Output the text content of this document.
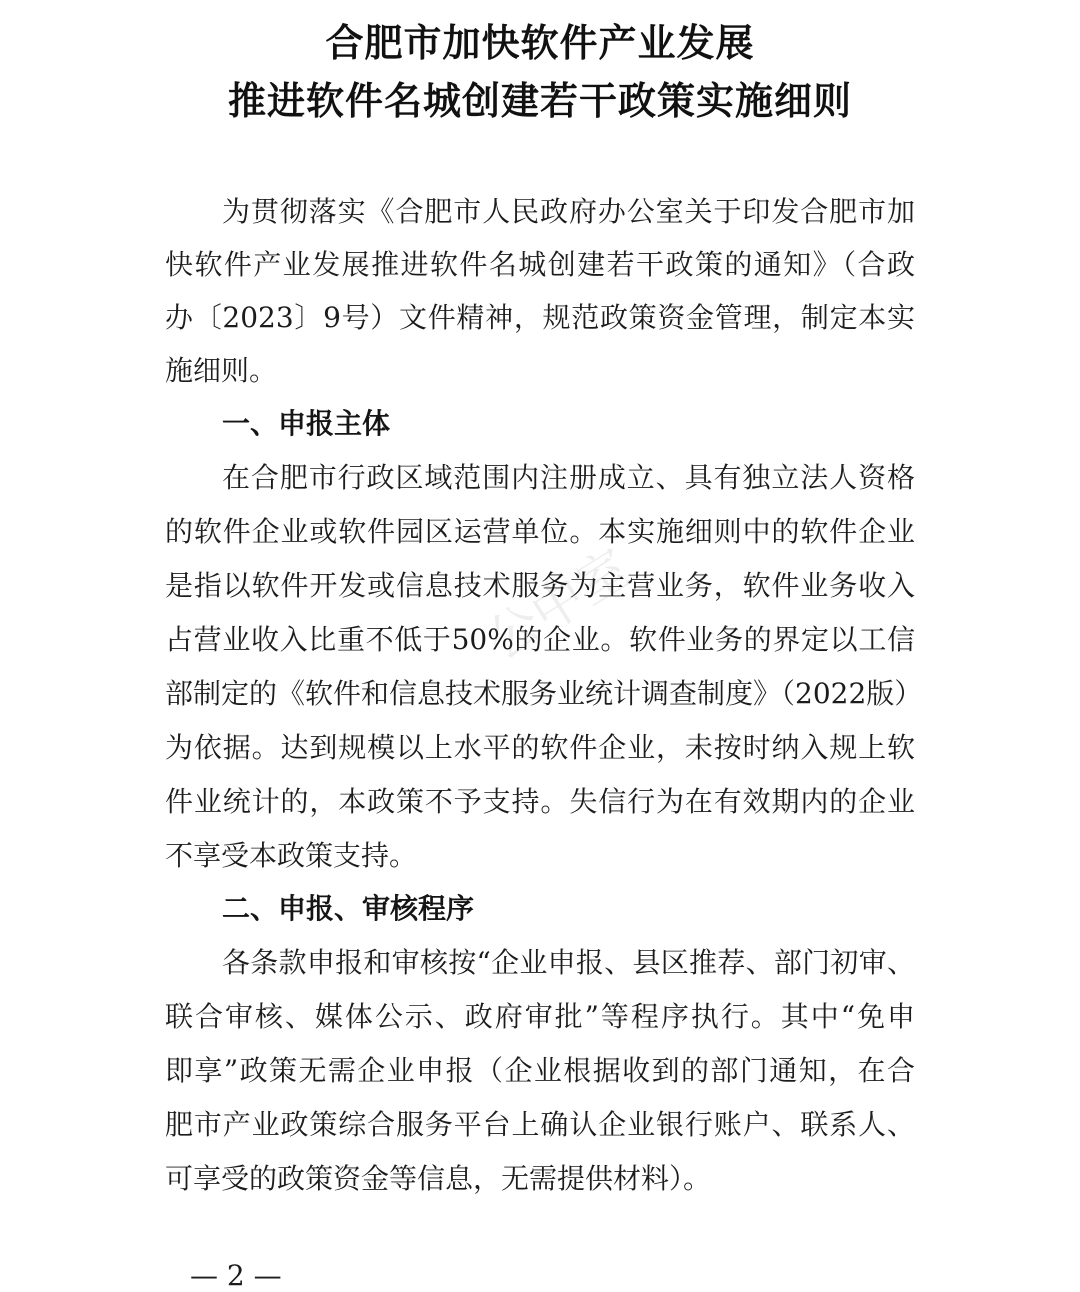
合肥市加快软件产业发展
推进软件名城创建若干政策实施细则

为贯彻落实《合肥市人民政府办公室关于印发合肥市加

快软件产业发展推进软件名城创建若干政策的通知》（合政

办〔2023〕9号）文件精神，规范政策资金管理，制定本实

施细则。

一、申报主体

在合肥市行政区域范围内注册成立、具有独立法人资格

的软件企业或软件园区运营单位。本实施细则中的软件企业

是指以软件开发或信息技术服务为主营业务，软件业务收入

占营业收入比重不低于50%的企业。软件业务的界定以工信

部制定的《软件和信息技术服务业统计调查制度》（2022版）

为依据。达到规模以上水平的软件企业，未按时纳入规上软

件业统计的，本政策不予支持。失信行为在有效期内的企业

不享受本政策支持。

二、申报、审核程序

各条款申报和审核按“企业申报、县区推荐、部门初审、

联合审核、媒体公示、政府审批”等程序执行。其中“免申

即享”政策无需企业申报（企业根据收到的部门通知，在合

肥市产业政策综合服务平台上确认企业银行账户、联系人、

可享受的政策资金等信息，无需提供材料）。

— 2 —
公中室
